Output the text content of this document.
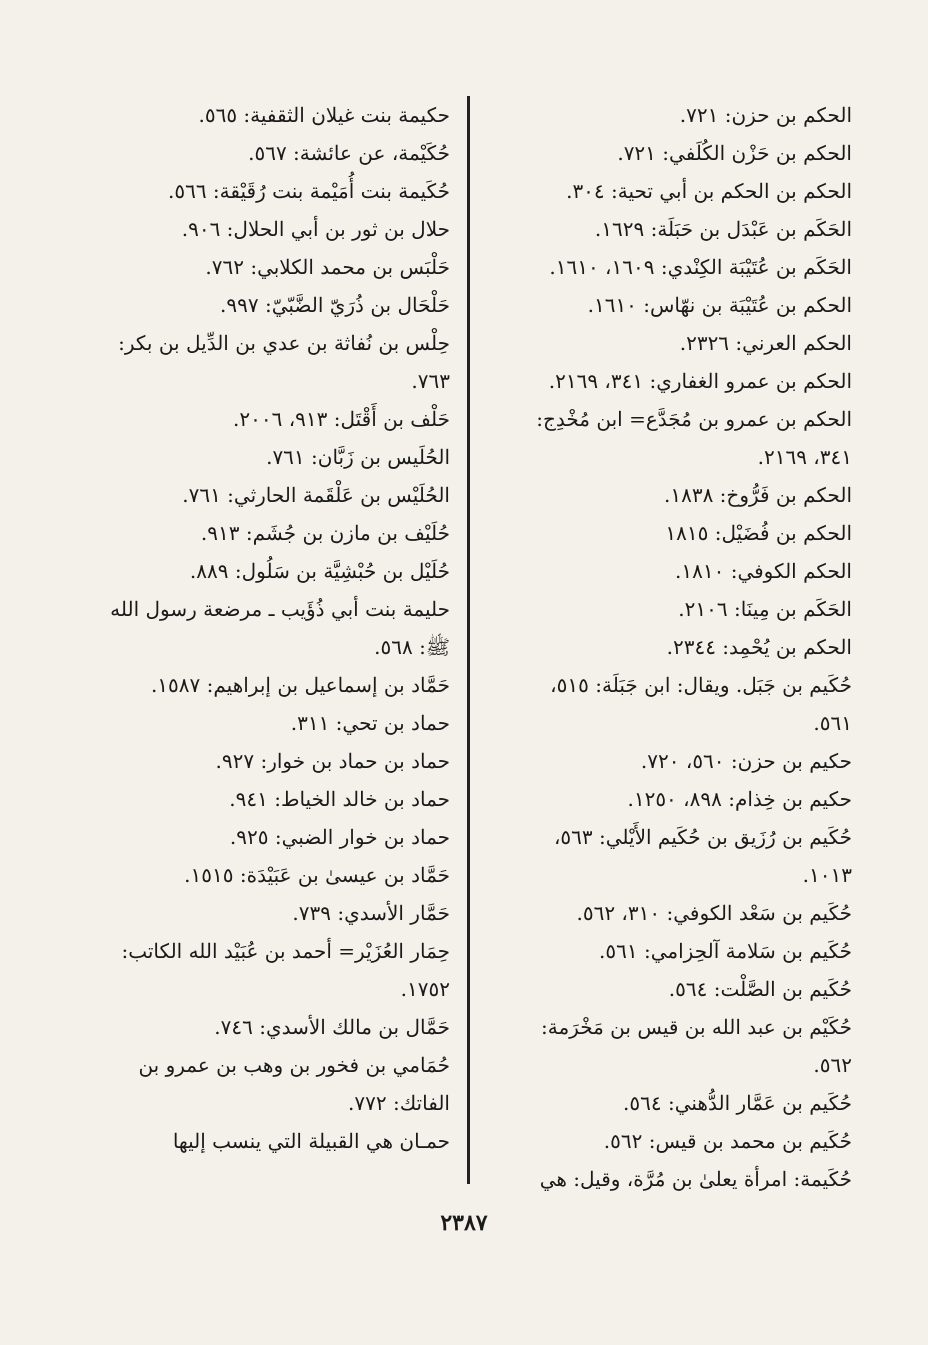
الحكم بن حزن: ٧٢١.
الحكم بن حَزْن الكُلَفي: ٧٢١.
الحكم بن الحكم بن أبي تحية: ٣٠٤.
الحَكَم بن عَبْدَل بن حَبَلَة: ١٦٢٩.
الحَكَم بن عُتَيْبَة الكِنْدي: ١٦٠٩، ١٦١٠.
الحكم بن عُتَيْبَة بن نهّاس: ١٦١٠.
الحكم العرني: ٢٣٢٦.
الحكم بن عمرو الغفاري: ٣٤١، ٢١٦٩.
الحكم بن عمرو بن مُجَدَّع= ابن مُخْدِج:
٣٤١، ٢١٦٩.
الحكم بن فَرُّوخ: ١٨٣٨.
الحكم بن فُضَيْل: ١٨١٥
الحكم الكوفي: ١٨١٠.
الحَكَم بن مِينَا: ٢١٠٦.
الحكم بن يُحْمِد: ٢٣٤٤.
حُكَيم بن جَبَل. ويقال: ابن جَبَلَة: ٥١٥،
٥٦١.
حكيم بن حزن: ٥٦٠، ٧٢٠.
حكيم بن خِذام: ٨٩٨، ١٢٥٠.
حُكَيم بن رُزَيق بن حُكَيم الأَيْلي: ٥٦٣،
١٠١٣.
حُكَيم بن سَعْد الكوفي: ٣١٠، ٥٦٢.
حُكَيم بن سَلامة آلحِزامي: ٥٦١.
حُكَيم بن الصَّلْت: ٥٦٤.
حُكَيْم بن عبد الله بن قيس بن مَخْرَمة:
٥٦٢.
حُكَيم بن عَمَّار الدُّهني: ٥٦٤.
حُكَيم بن محمد بن قيس: ٥٦٢.
حُكَيمة: امرأة يعلىٰ بن مُرَّة، وقيل: هي
حكيمة بنت غيلان الثقفية: ٥٦٥.
حُكَيْمة، عن عائشة: ٥٦٧.
حُكَيمة بنت أُمَيْمة بنت رُقَيْقة: ٥٦٦.
حلال بن ثور بن أبي الحلال: ٩٠٦.
حَلْبَس بن محمد الكلابي: ٧٦٢.
حَلْحَال بن ذُرَيّ الضَّبّيّ: ٩٩٧.
حِلْس بن نُفاثة بن عدي بن الدِّيل بن بكر:
٧٦٣.
حَلْف بن أَقْتَل: ٩١٣، ٢٠٠٦.
الحُلَيس بن زَبَّان: ٧٦١.
الحُلَيْس بن عَلْقَمة الحارثي: ٧٦١.
حُلَيْف بن مازن بن جُشَم: ٩١٣.
حُلَيْل بن حُبْشِيَّة بن سَلُول: ٨٨٩.
حليمة بنت أبي ذُؤَيب ـ مرضعة رسول الله
ﷺ: ٥٦٨.
حَمَّاد بن إسماعيل بن إبراهيم: ١٥٨٧.
حماد بن تحي: ٣١١.
حماد بن حماد بن خوار: ٩٢٧.
حماد بن خالد الخياط: ٩٤١.
حماد بن خوار الضبي: ٩٢٥.
حَمَّاد بن عيسىٰ بن عَبَيْدَة: ١٥١٥.
حَمَّار الأسدي: ٧٣٩.
حِمَار العُزَيْر= أحمد بن عُبَيْد الله الكاتب:
١٧٥٢.
حَمَّال بن مالك الأسدي: ٧٤٦.
حُمَامي بن فخور بن وهب بن عمرو بن
الفاتك: ٧٧٢.
حمـان هي القبيلة التي ينسب إليها
٢٣٨٧
